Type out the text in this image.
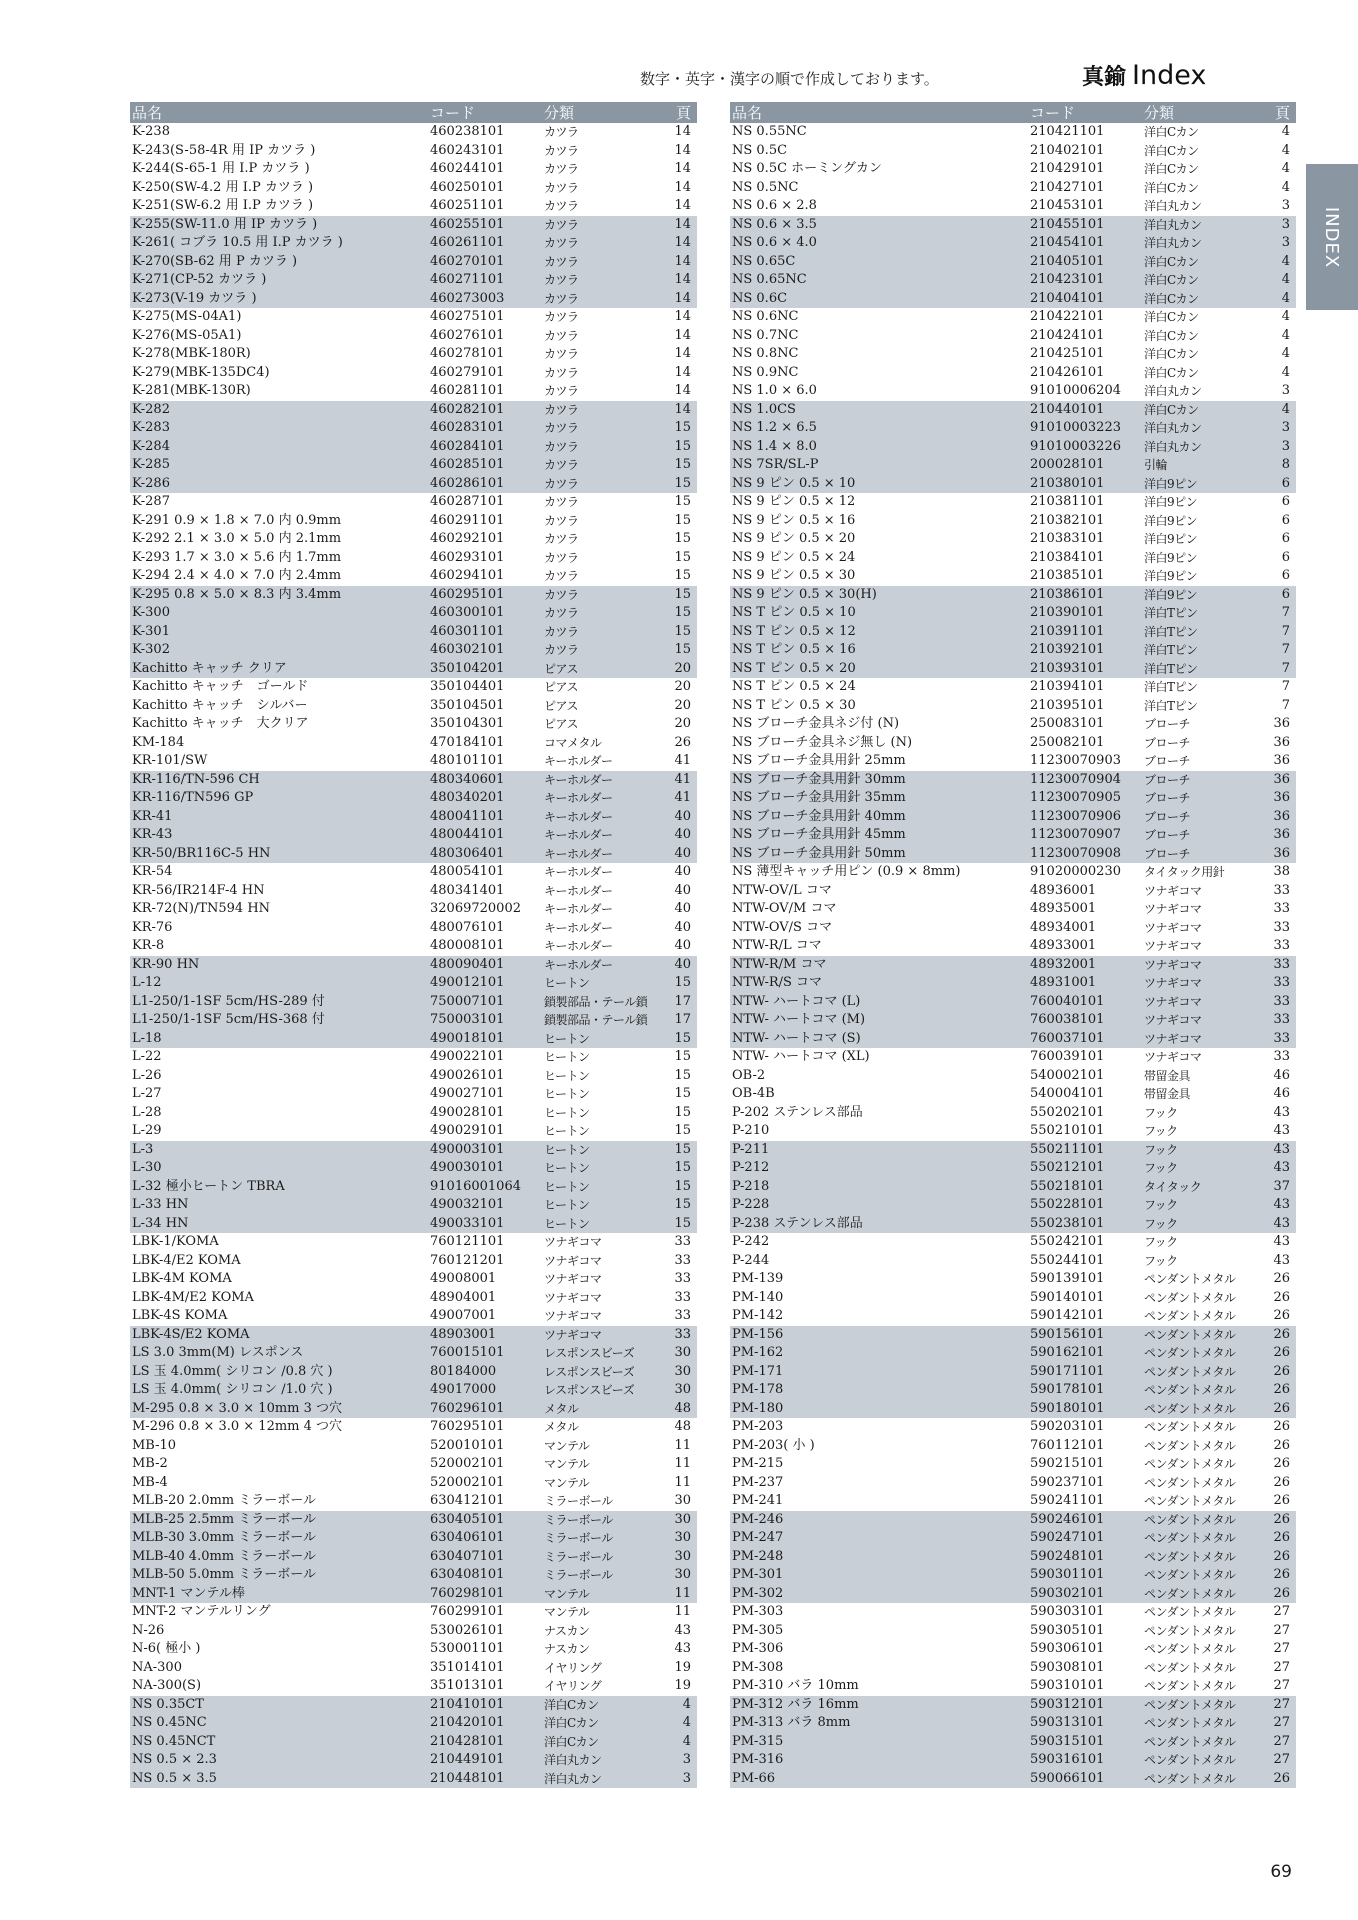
数字・英字・漢字の順で作成しております。	真鍮 Index
INDEX
品名	コード	分類	頁
K-238	460238101	カツラ	14
K-243(S-58-4R 用 IP カツラ )	460243101	カツラ	14
K-244(S-65-1 用 I.P カツラ )	460244101	カツラ	14
K-250(SW-4.2 用 I.P カツラ )	460250101	カツラ	14
K-251(SW-6.2 用 I.P カツラ )	460251101	カツラ	14
K-255(SW-11.0 用 IP カツラ )	460255101	カツラ	14
K-261( コブラ 10.5 用 I.P カツラ )	460261101	カツラ	14
K-270(SB-62 用 P カツラ )	460270101	カツラ	14
K-271(CP-52 カツラ )	460271101	カツラ	14
K-273(V-19 カツラ )	460273003	カツラ	14
K-275(MS-04A1)	460275101	カツラ	14
K-276(MS-05A1)	460276101	カツラ	14
K-278(MBK-180R)	460278101	カツラ	14
K-279(MBK-135DC4)	460279101	カツラ	14
K-281(MBK-130R)	460281101	カツラ	14
K-282	460282101	カツラ	14
K-283	460283101	カツラ	15
K-284	460284101	カツラ	15
K-285	460285101	カツラ	15
K-286	460286101	カツラ	15
K-287	460287101	カツラ	15
K-291 0.9 × 1.8 × 7.0 内 0.9mm	460291101	カツラ	15
K-292 2.1 × 3.0 × 5.0 内 2.1mm	460292101	カツラ	15
K-293 1.7 × 3.0 × 5.6 内 1.7mm	460293101	カツラ	15
K-294 2.4 × 4.0 × 7.0 内 2.4mm	460294101	カツラ	15
K-295 0.8 × 5.0 × 8.3 内 3.4mm	460295101	カツラ	15
K-300	460300101	カツラ	15
K-301	460301101	カツラ	15
K-302	460302101	カツラ	15
Kachitto キャッチ クリア	350104201	ピアス	20
Kachitto キャッチ　ゴールド	350104401	ピアス	20
Kachitto キャッチ　シルバー	350104501	ピアス	20
Kachitto キャッチ　大クリア	350104301	ピアス	20
KM-184	470184101	コマメタル	26
KR-101/SW	480101101	キーホルダー	41
KR-116/TN-596 CH	480340601	キーホルダー	41
KR-116/TN596 GP	480340201	キーホルダー	41
KR-41	480041101	キーホルダー	40
KR-43	480044101	キーホルダー	40
KR-50/BR116C-5 HN	480306401	キーホルダー	40
KR-54	480054101	キーホルダー	40
KR-56/IR214F-4 HN	480341401	キーホルダー	40
KR-72(N)/TN594 HN	32069720002	キーホルダー	40
KR-76	480076101	キーホルダー	40
KR-8	480008101	キーホルダー	40
KR-90 HN	480090401	キーホルダー	40
L-12	490012101	ヒートン	15
L1-250/1-1SF 5cm/HS-289 付	750007101	鎖製部品・テール鎖	17
L1-250/1-1SF 5cm/HS-368 付	750003101	鎖製部品・テール鎖	17
L-18	490018101	ヒートン	15
L-22	490022101	ヒートン	15
L-26	490026101	ヒートン	15
L-27	490027101	ヒートン	15
L-28	490028101	ヒートン	15
L-29	490029101	ヒートン	15
L-3	490003101	ヒートン	15
L-30	490030101	ヒートン	15
L-32 極小ヒートン TBRA	91016001064	ヒートン	15
L-33 HN	490032101	ヒートン	15
L-34 HN	490033101	ヒートン	15
LBK-1/KOMA	760121101	ツナギコマ	33
LBK-4/E2 KOMA	760121201	ツナギコマ	33
LBK-4M KOMA	49008001	ツナギコマ	33
LBK-4M/E2 KOMA	48904001	ツナギコマ	33
LBK-4S KOMA	49007001	ツナギコマ	33
LBK-4S/E2 KOMA	48903001	ツナギコマ	33
LS 3.0 3mm(M) レスポンス	760015101	レスポンスビーズ	30
LS 玉 4.0mm( シリコン /0.8 穴 )	80184000	レスポンスビーズ	30
LS 玉 4.0mm( シリコン /1.0 穴 )	49017000	レスポンスビーズ	30
M-295 0.8 × 3.0 × 10mm 3 つ穴	760296101	メタル	48
M-296 0.8 × 3.0 × 12mm 4 つ穴	760295101	メタル	48
MB-10	520010101	マンテル	11
MB-2	520002101	マンテル	11
MB-4	520002101	マンテル	11
MLB-20 2.0mm ミラーボール	630412101	ミラーボール	30
MLB-25 2.5mm ミラーボール	630405101	ミラーボール	30
MLB-30 3.0mm ミラーボール	630406101	ミラーボール	30
MLB-40 4.0mm ミラーボール	630407101	ミラーボール	30
MLB-50 5.0mm ミラーボール	630408101	ミラーボール	30
MNT-1 マンテル棒	760298101	マンテル	11
MNT-2 マンテルリング	760299101	マンテル	11
N-26	530026101	ナスカン	43
N-6( 極小 )	530001101	ナスカン	43
NA-300	351014101	イヤリング	19
NA-300(S)	351013101	イヤリング	19
NS 0.35CT	210410101	洋白Cカン	4
NS 0.45NC	210420101	洋白Cカン	4
NS 0.45NCT	210428101	洋白Cカン	4
NS 0.5 × 2.3	210449101	洋白丸カン	3
NS 0.5 × 3.5	210448101	洋白丸カン	3
品名	コード	分類	頁
NS 0.55NC	210421101	洋白Cカン	4
NS 0.5C	210402101	洋白Cカン	4
NS 0.5C ホーミングカン	210429101	洋白Cカン	4
NS 0.5NC	210427101	洋白Cカン	4
NS 0.6 × 2.8	210453101	洋白丸カン	3
NS 0.6 × 3.5	210455101	洋白丸カン	3
NS 0.6 × 4.0	210454101	洋白丸カン	3
NS 0.65C	210405101	洋白Cカン	4
NS 0.65NC	210423101	洋白Cカン	4
NS 0.6C	210404101	洋白Cカン	4
NS 0.6NC	210422101	洋白Cカン	4
NS 0.7NC	210424101	洋白Cカン	4
NS 0.8NC	210425101	洋白Cカン	4
NS 0.9NC	210426101	洋白Cカン	4
NS 1.0 × 6.0	91010006204	洋白丸カン	3
NS 1.0CS	210440101	洋白Cカン	4
NS 1.2 × 6.5	91010003223	洋白丸カン	3
NS 1.4 × 8.0	91010003226	洋白丸カン	3
NS 7SR/SL-P	200028101	引輪	8
NS 9 ピン 0.5 × 10	210380101	洋白9ピン	6
NS 9 ピン 0.5 × 12	210381101	洋白9ピン	6
NS 9 ピン 0.5 × 16	210382101	洋白9ピン	6
NS 9 ピン 0.5 × 20	210383101	洋白9ピン	6
NS 9 ピン 0.5 × 24	210384101	洋白9ピン	6
NS 9 ピン 0.5 × 30	210385101	洋白9ピン	6
NS 9 ピン 0.5 × 30(H)	210386101	洋白9ピン	6
NS T ピン 0.5 × 10	210390101	洋白Tピン	7
NS T ピン 0.5 × 12	210391101	洋白Tピン	7
NS T ピン 0.5 × 16	210392101	洋白Tピン	7
NS T ピン 0.5 × 20	210393101	洋白Tピン	7
NS T ピン 0.5 × 24	210394101	洋白Tピン	7
NS T ピン 0.5 × 30	210395101	洋白Tピン	7
NS ブローチ金具ネジ付 (N)	250083101	ブローチ	36
NS ブローチ金具ネジ無し (N)	250082101	ブローチ	36
NS ブローチ金具用針 25mm	11230070903	ブローチ	36
NS ブローチ金具用針 30mm	11230070904	ブローチ	36
NS ブローチ金具用針 35mm	11230070905	ブローチ	36
NS ブローチ金具用針 40mm	11230070906	ブローチ	36
NS ブローチ金具用針 45mm	11230070907	ブローチ	36
NS ブローチ金具用針 50mm	11230070908	ブローチ	36
NS 薄型キャッチ用ピン (0.9 × 8mm)	91020000230	タイタック用針	38
NTW-OV/L コマ	48936001	ツナギコマ	33
NTW-OV/M コマ	48935001	ツナギコマ	33
NTW-OV/S コマ	48934001	ツナギコマ	33
NTW-R/L コマ	48933001	ツナギコマ	33
NTW-R/M コマ	48932001	ツナギコマ	33
NTW-R/S コマ	48931001	ツナギコマ	33
NTW- ハートコマ (L)	760040101	ツナギコマ	33
NTW- ハートコマ (M)	760038101	ツナギコマ	33
NTW- ハートコマ (S)	760037101	ツナギコマ	33
NTW- ハートコマ (XL)	760039101	ツナギコマ	33
OB-2	540002101	帯留金具	46
OB-4B	540004101	帯留金具	46
P-202 ステンレス部品	550202101	フック	43
P-210	550210101	フック	43
P-211	550211101	フック	43
P-212	550212101	フック	43
P-218	550218101	タイタック	37
P-228	550228101	フック	43
P-238 ステンレス部品	550238101	フック	43
P-242	550242101	フック	43
P-244	550244101	フック	43
PM-139	590139101	ペンダントメタル	26
PM-140	590140101	ペンダントメタル	26
PM-142	590142101	ペンダントメタル	26
PM-156	590156101	ペンダントメタル	26
PM-162	590162101	ペンダントメタル	26
PM-171	590171101	ペンダントメタル	26
PM-178	590178101	ペンダントメタル	26
PM-180	590180101	ペンダントメタル	26
PM-203	590203101	ペンダントメタル	26
PM-203( 小 )	760112101	ペンダントメタル	26
PM-215	590215101	ペンダントメタル	26
PM-237	590237101	ペンダントメタル	26
PM-241	590241101	ペンダントメタル	26
PM-246	590246101	ペンダントメタル	26
PM-247	590247101	ペンダントメタル	26
PM-248	590248101	ペンダントメタル	26
PM-301	590301101	ペンダントメタル	26
PM-302	590302101	ペンダントメタル	26
PM-303	590303101	ペンダントメタル	27
PM-305	590305101	ペンダントメタル	27
PM-306	590306101	ペンダントメタル	27
PM-308	590308101	ペンダントメタル	27
PM-310 バラ 10mm	590310101	ペンダントメタル	27
PM-312 バラ 16mm	590312101	ペンダントメタル	27
PM-313 バラ 8mm	590313101	ペンダントメタル	27
PM-315	590315101	ペンダントメタル	27
PM-316	590316101	ペンダントメタル	27
PM-66	590066101	ペンダントメタル	26
69
